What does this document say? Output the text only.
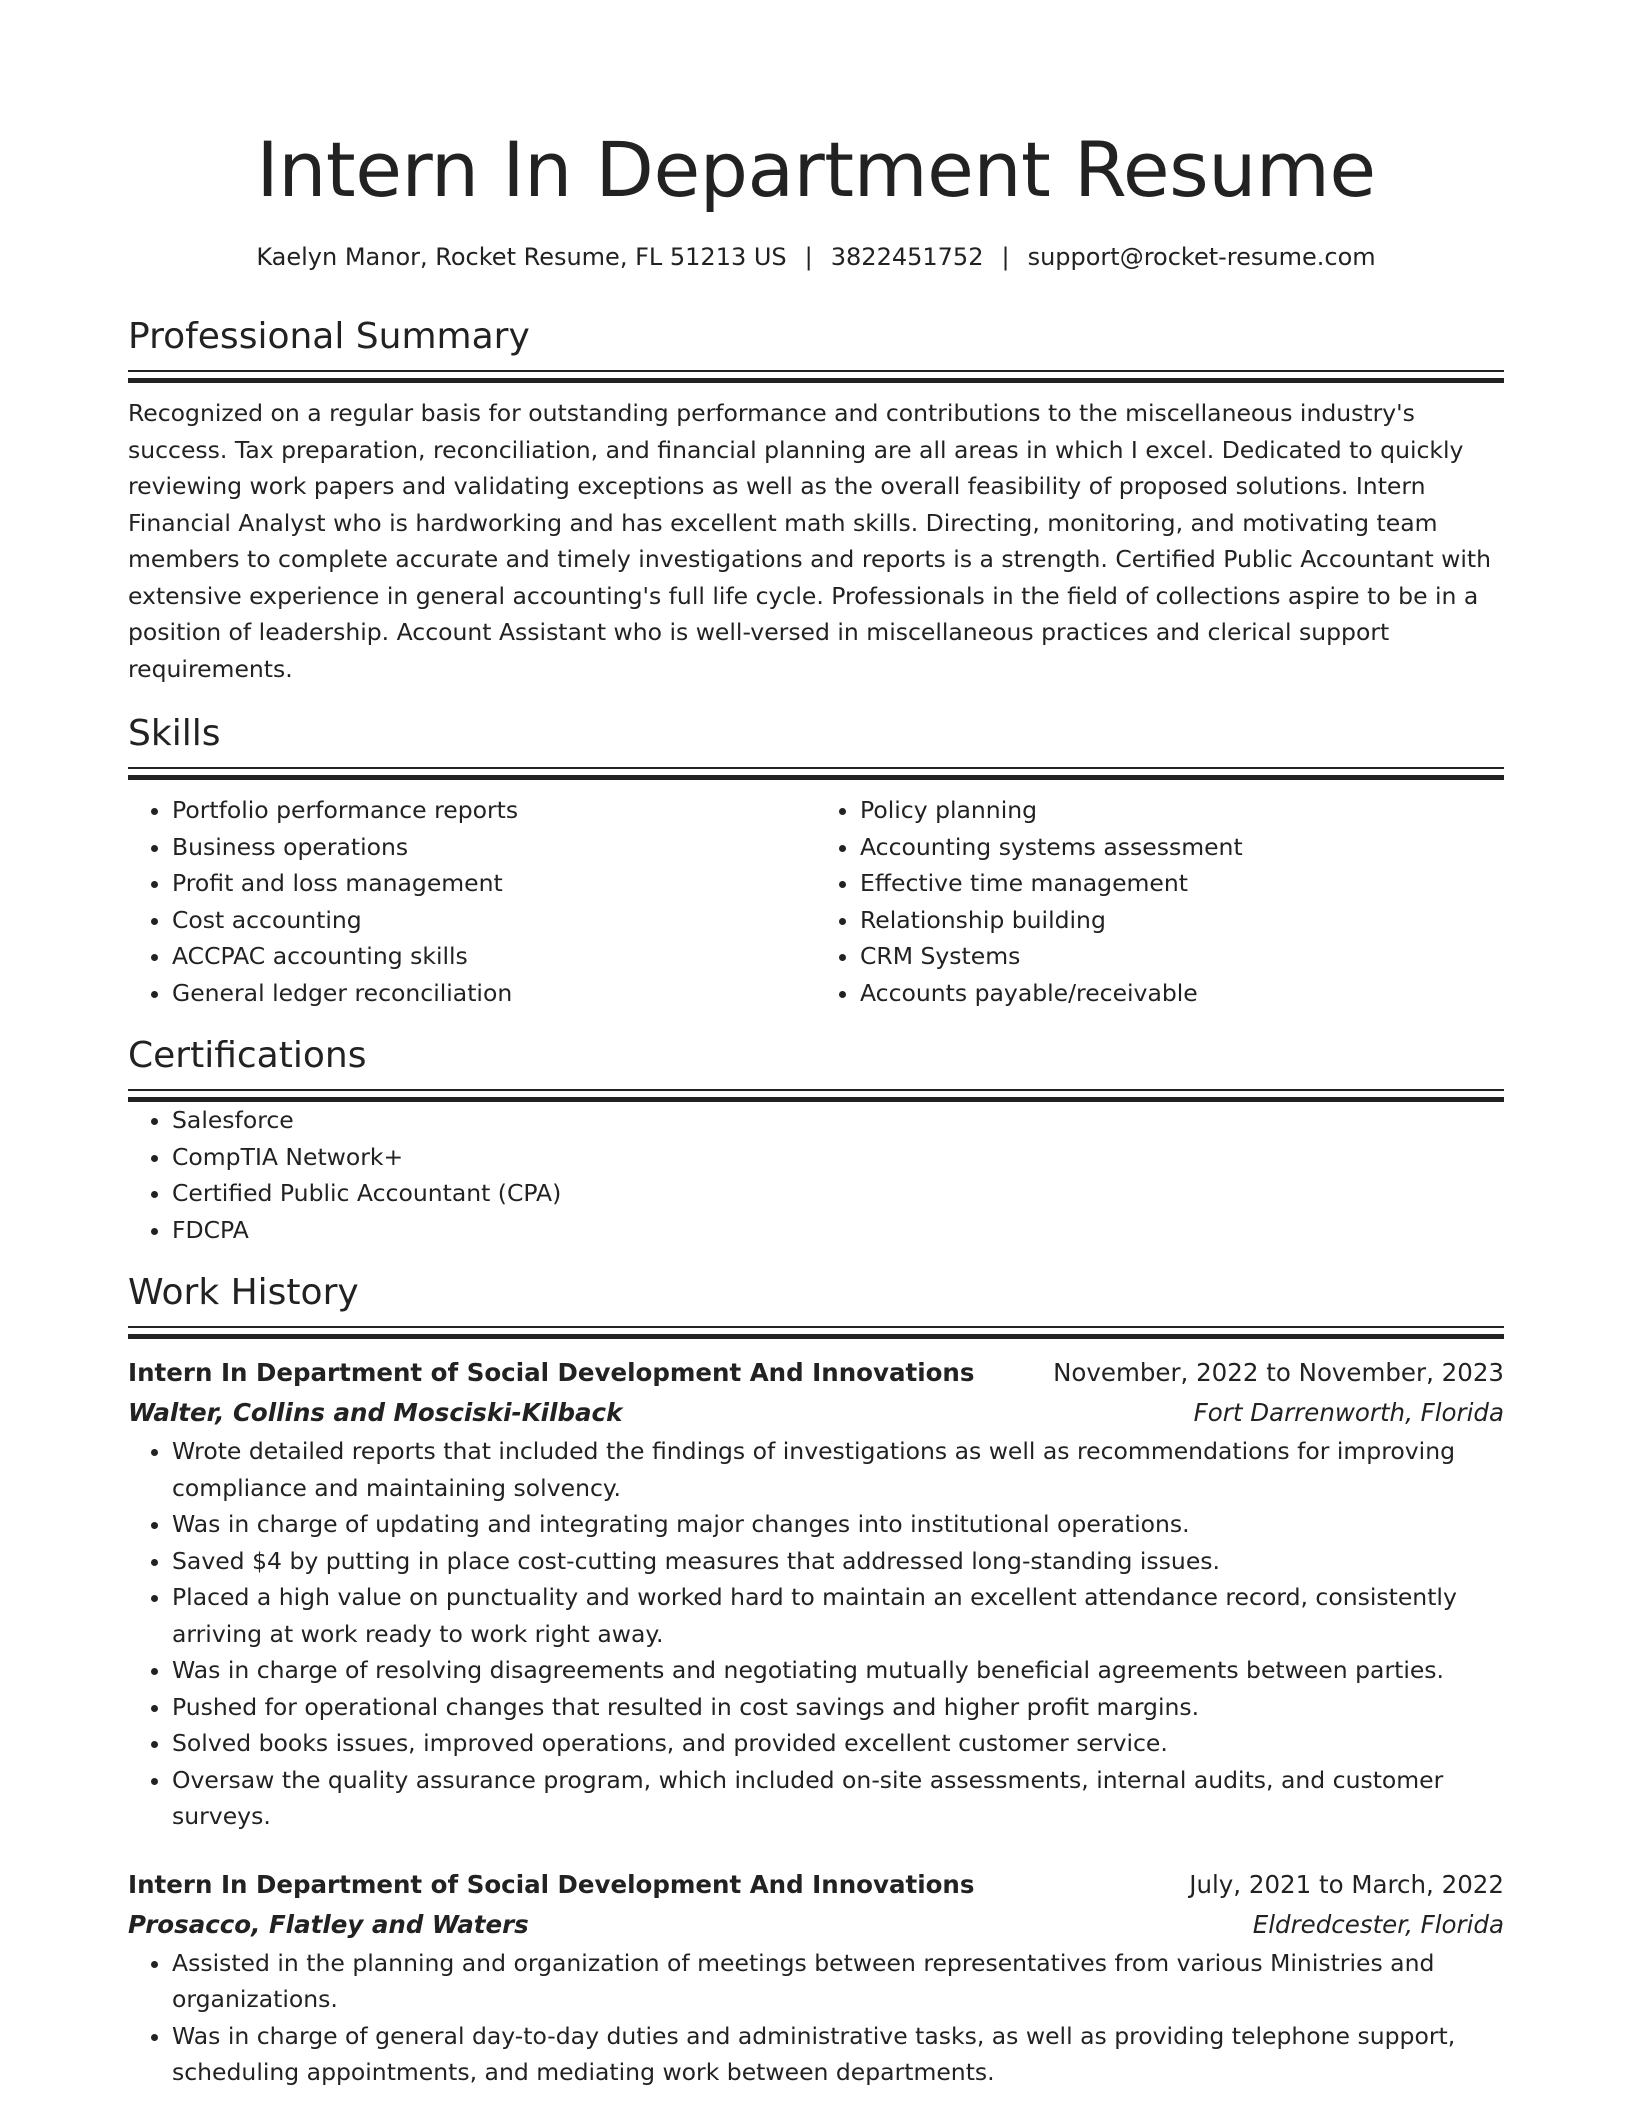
Intern In Department Resume
Kaelyn Manor, Rocket Resume, FL 51213 US | 3822451752 | support@rocket-resume.com
Professional Summary

Recognized on a regular basis for outstanding performance and contributions to the miscellaneous industry's success. Tax preparation, reconciliation, and financial planning are all areas in which I excel. Dedicated to quickly reviewing work papers and validating exceptions as well as the overall feasibility of proposed solutions. Intern Financial Analyst who is hardworking and has excellent math skills. Directing, monitoring, and motivating team members to complete accurate and timely investigations and reports is a strength. Certified Public Accountant with extensive experience in general accounting's full life cycle. Professionals in the field of collections aspire to be in a position of leadership. Account Assistant who is well-versed in miscellaneous practices and clerical support requirements.

Skills
• Portfolio performance reports
• Business operations
• Profit and loss management
• Cost accounting
• ACCPAC accounting skills
• General ledger reconciliation
• Policy planning
• Accounting systems assessment
• Effective time management
• Relationship building
• CRM Systems
• Accounts payable/receivable
Certifications
• Salesforce
• CompTIA Network+
• Certified Public Accountant (CPA)
• FDCPA
Work History
Intern In Department of Social Development And Innovations	November, 2022 to November, 2023
Walter, Collins and Mosciski-Kilback	Fort Darrenworth, Florida
• Wrote detailed reports that included the findings of investigations as well as recommendations for improving compliance and maintaining solvency.
• Was in charge of updating and integrating major changes into institutional operations.
• Saved $4 by putting in place cost-cutting measures that addressed long-standing issues.
• Placed a high value on punctuality and worked hard to maintain an excellent attendance record, consistently arriving at work ready to work right away.
• Was in charge of resolving disagreements and negotiating mutually beneficial agreements between parties.
• Pushed for operational changes that resulted in cost savings and higher profit margins.
• Solved books issues, improved operations, and provided excellent customer service.
• Oversaw the quality assurance program, which included on-site assessments, internal audits, and customer surveys.
Intern In Department of Social Development And Innovations	July, 2021 to March, 2022
Prosacco, Flatley and Waters	Eldredcester, Florida
• Assisted in the planning and organization of meetings between representatives from various Ministries and organizations.
• Was in charge of general day-to-day duties and administrative tasks, as well as providing telephone support, scheduling appointments, and mediating work between departments.
